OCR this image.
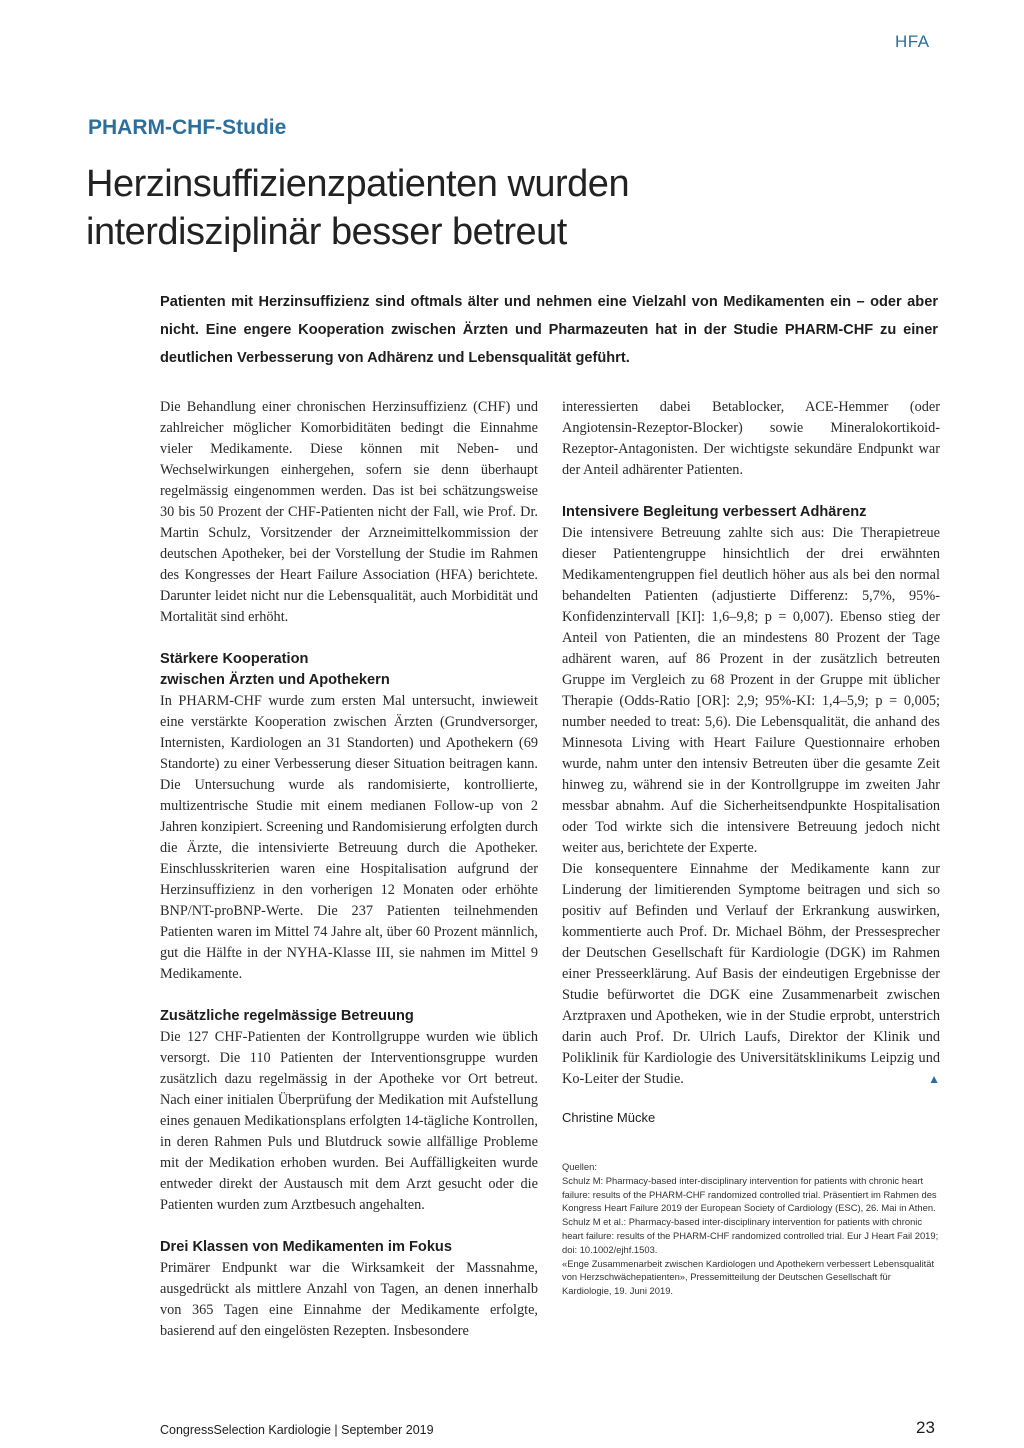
HFA
PHARM-CHF-Studie
Herzinsuffizienzpatienten wurden
interdisziplinär besser betreut

Patienten mit Herzinsuffizienz sind oftmals älter und nehmen eine Vielzahl von Medikamenten ein – oder aber nicht. Eine engere Kooperation zwischen Ärzten und Pharmazeuten hat in der Studie PHARM-CHF zu einer deutlichen Verbesserung von Adhärenz und Lebensqualität geführt.

Die Behandlung einer chronischen Herzinsuffizienz (CHF) und zahlreicher möglicher Komorbiditäten bedingt die Einnahme vieler Medikamente. Diese können mit Neben- und Wechselwirkungen einhergehen, sofern sie denn überhaupt regelmässig eingenommen werden. Das ist bei schätzungsweise 30 bis 50 Prozent der CHF-Patienten nicht der Fall, wie Prof. Dr. Martin Schulz, Vorsitzender der Arzneimittelkommission der deutschen Apotheker, bei der Vorstellung der Studie im Rahmen des Kongresses der Heart Failure Association (HFA) berichtete. Darunter leidet nicht nur die Lebensqualität, auch Morbidität und Mortalität sind erhöht.

Stärkere Kooperation
zwischen Ärzten und Apothekern

In PHARM-CHF wurde zum ersten Mal untersucht, inwieweit eine verstärkte Kooperation zwischen Ärzten (Grundversorger, Internisten, Kardiologen an 31 Standorten) und Apothekern (69 Standorte) zu einer Verbesserung dieser Situation beitragen kann. Die Untersuchung wurde als randomisierte, kontrollierte, multizentrische Studie mit einem medianen Follow-up von 2 Jahren konzipiert. Screening und Randomisierung erfolgten durch die Ärzte, die intensivierte Betreuung durch die Apotheker. Einschlusskriterien waren eine Hospitalisation aufgrund der Herzinsuffizienz in den vorherigen 12 Monaten oder erhöhte BNP/NT-proBNP-Werte. Die 237 Patienten teilnehmenden Patienten waren im Mittel 74 Jahre alt, über 60 Prozent männlich, gut die Hälfte in der NYHA-Klasse III, sie nahmen im Mittel 9 Medikamente.

Zusätzliche regelmässige Betreuung

Die 127 CHF-Patienten der Kontrollgruppe wurden wie üblich versorgt. Die 110 Patienten der Interventionsgruppe wurden zusätzlich dazu regelmässig in der Apotheke vor Ort betreut. Nach einer initialen Überprüfung der Medikation mit Aufstellung eines genauen Medikationsplans erfolgten 14-tägliche Kontrollen, in deren Rahmen Puls und Blutdruck sowie allfällige Probleme mit der Medikation erhoben wurden. Bei Auffälligkeiten wurde entweder direkt der Austausch mit dem Arzt gesucht oder die Patienten wurden zum Arztbesuch angehalten.

Drei Klassen von Medikamenten im Fokus

Primärer Endpunkt war die Wirksamkeit der Massnahme, ausgedrückt als mittlere Anzahl von Tagen, an denen innerhalb von 365 Tagen eine Einnahme der Medikamente erfolgte, basierend auf den eingelösten Rezepten. Insbesondere

interessierten dabei Betablocker, ACE-Hemmer (oder Angiotensin-Rezeptor-Blocker) sowie Mineralokortikoid-Rezeptor-Antagonisten. Der wichtigste sekundäre Endpunkt war der Anteil adhärenter Patienten.

Intensivere Begleitung verbessert Adhärenz

Die intensivere Betreuung zahlte sich aus: Die Therapietreue dieser Patientengruppe hinsichtlich der drei erwähnten Medikamentengruppen fiel deutlich höher aus als bei den normal behandelten Patienten (adjustierte Differenz: 5,7%, 95%-Konfidenzintervall [KI]: 1,6–9,8; p = 0,007). Ebenso stieg der Anteil von Patienten, die an mindestens 80 Prozent der Tage adhärent waren, auf 86 Prozent in der zusätzlich betreuten Gruppe im Vergleich zu 68 Prozent in der Gruppe mit üblicher Therapie (Odds-Ratio [OR]: 2,9; 95%-KI: 1,4–5,9; p = 0,005; number needed to treat: 5,6). Die Lebensqualität, die anhand des Minnesota Living with Heart Failure Questionnaire erhoben wurde, nahm unter den intensiv Betreuten über die gesamte Zeit hinweg zu, während sie in der Kontrollgruppe im zweiten Jahr messbar abnahm. Auf die Sicherheitsendpunkte Hospitalisation oder Tod wirkte sich die intensivere Betreuung jedoch nicht weiter aus, berichtete der Experte.

Die konsequentere Einnahme der Medikamente kann zur Linderung der limitierenden Symptome beitragen und sich so positiv auf Befinden und Verlauf der Erkrankung auswirken, kommentierte auch Prof. Dr. Michael Böhm, der Pressesprecher der Deutschen Gesellschaft für Kardiologie (DGK) im Rahmen einer Presseerklärung. Auf Basis der eindeutigen Ergebnisse der Studie befürwortet die DGK eine Zusammenarbeit zwischen Arztpraxen und Apotheken, wie in der Studie erprobt, unterstrich darin auch Prof. Dr. Ulrich Laufs, Direktor der Klinik und Poliklinik für Kardiologie des Universitätsklinikums Leipzig und Ko-Leiter der Studie.	▲

Christine Mücke
Quellen:
Schulz M: Pharmacy-based inter-disciplinary intervention for patients with chronic heart failure: results of the PHARM-CHF randomized controlled trial. Präsentiert im Rahmen des Kongress Heart Failure 2019 der European Society of Cardiology (ESC), 26. Mai in Athen.
Schulz M et al.: Pharmacy-based inter-disciplinary intervention for patients with chronic heart failure: results of the PHARM-CHF randomized controlled trial. Eur J Heart Fail 2019; doi: 10.1002/ejhf.1503.
«Enge Zusammenarbeit zwischen Kardiologen und Apothekern verbessert Lebensqualität von Herzschwächepatienten», Pressemitteilung der Deutschen Gesellschaft für Kardiologie, 19. Juni 2019.
CongressSelection Kardiologie | September 2019	23
